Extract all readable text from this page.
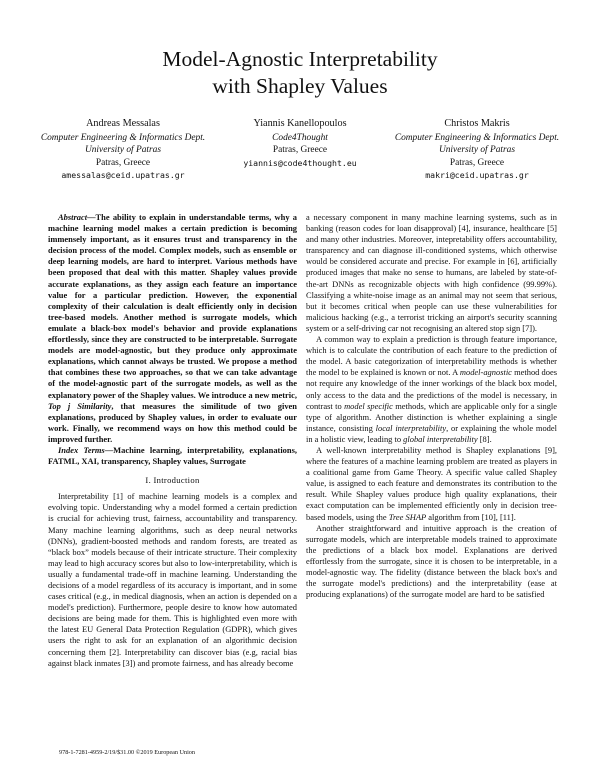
Model-Agnostic Interpretability
with Shapley Values
Andreas Messalas
Computer Engineering & Informatics Dept.
University of Patras
Patras, Greece
amessalas@ceid.upatras.gr
Yiannis Kanellopoulos
Code4Thought
Patras, Greece
yiannis@code4thought.eu
Christos Makris
Computer Engineering & Informatics Dept.
University of Patras
Patras, Greece
makri@ceid.upatras.gr

Abstract—The ability to explain in understandable terms, why a machine learning model makes a certain prediction is becoming immensely important, as it ensures trust and transparency in the decision process of the model. Complex models, such as ensemble or deep learning models, are hard to interpret. Various methods have been proposed that deal with this matter. Shapley values provide accurate explanations, as they assign each feature an importance value for a particular prediction. However, the exponential complexity of their calculation is dealt efficiently only in decision tree-based models. Another method is surrogate models, which emulate a black-box model's behavior and provide explanations effortlessly, since they are constructed to be interpretable. Surrogate models are model-agnostic, but they produce only approximate explanations, which cannot always be trusted. We propose a method that combines these two approaches, so that we can take advantage of the model-agnostic part of the surrogate models, as well as the explanatory power of the Shapley values. We introduce a new metric, Top j Similarity, that measures the similitude of two given explanations, produced by Shapley values, in order to evaluate our work. Finally, we recommend ways on how this method could be improved further.

Index Terms—Machine learning, interpretability, explanations, FATML, XAI, transparency, Shapley values, Surrogate

I. Introduction

Interpretability [1] of machine learning models is a complex and evolving topic. Understanding why a model formed a certain prediction is crucial for achieving trust, fairness, accountability and transparency. Many machine learning algorithms, such as deep neural networks (DNNs), gradient-boosted methods and random forests, are treated as “black box” models because of their intricate structure. Their complexity may lead to high accuracy scores but also to low-interpretability, which is usually a fundamental trade-off in machine learning. Understanding the decisions of a model regardless of its accuracy is important, and in some cases critical (e.g., in medical diagnosis, when an action is depended on a model's prediction). Furthermore, people desire to know how automated decisions are being made for them. This is highlighted even more with the latest EU General Data Protection Regulation (GDPR), which gives users the right to ask for an explanation of an algorithmic decision concerning them [2]. Interpretability can discover bias (e.g, racial bias against black inmates [3]) and promote fairness, and has already become

a necessary component in many machine learning systems, such as in banking (reason codes for loan disapproval) [4], insurance, healthcare [5] and many other industries. Moreover, intepretability offers accountability, transparency and can diagnose ill-conditioned systems, which otherwise would be considered accurate and precise. For example in [6], artificially produced images that make no sense to humans, are labeled by state-of-the-art DNNs as recognizable objects with high confidence (99.99%). Classifying a white-noise image as an animal may not seem that serious, but it becomes critical when people can use these vulnerabilities for malicious hacking (e.g., a terrorist tricking an airport's security scanning system or a self-driving car not recognising an altered stop sign [7]).

A common way to explain a prediction is through feature importance, which is to calculate the contribution of each feature to the prediction of the model. A basic categorization of interpretability methods is whether the model to be explained is known or not. A model-agnostic method does not require any knowledge of the inner workings of the black box model, only access to the data and the predictions of the model is necessary, in contrast to model specific methods, which are applicable only for a single type of algorithm. Another distinction is whether explaining a single instance, consisting local interpretability, or explaining the whole model in a holistic view, leading to global interpretability [8].

A well-known interpretability method is Shapley explanations [9], where the features of a machine learning problem are treated as players in a coalitional game from Game Theory. A specific value called Shapley value, is assigned to each feature and demonstrates its contribution to the result. While Shapley values produce high quality explanations, their exact computation can be implemented efficiently only in decision tree-based models, using the Tree SHAP algorithm from [10], [11].

Another straightforward and intuitive approach is the creation of surrogate models, which are interpretable models trained to approximate the predictions of a black box model. Explanations are derived effortlessly from the surrogate, since it is chosen to be interpretable, in a model-agnostic way. The fidelity (distance between the black box's and the surrogate model's predictions) and the interpretability (ease at producing explanations) of the surrogate model are hard to be satisfied

978-1-7281-4959-2/19/$31.00 ©2019 European Union
